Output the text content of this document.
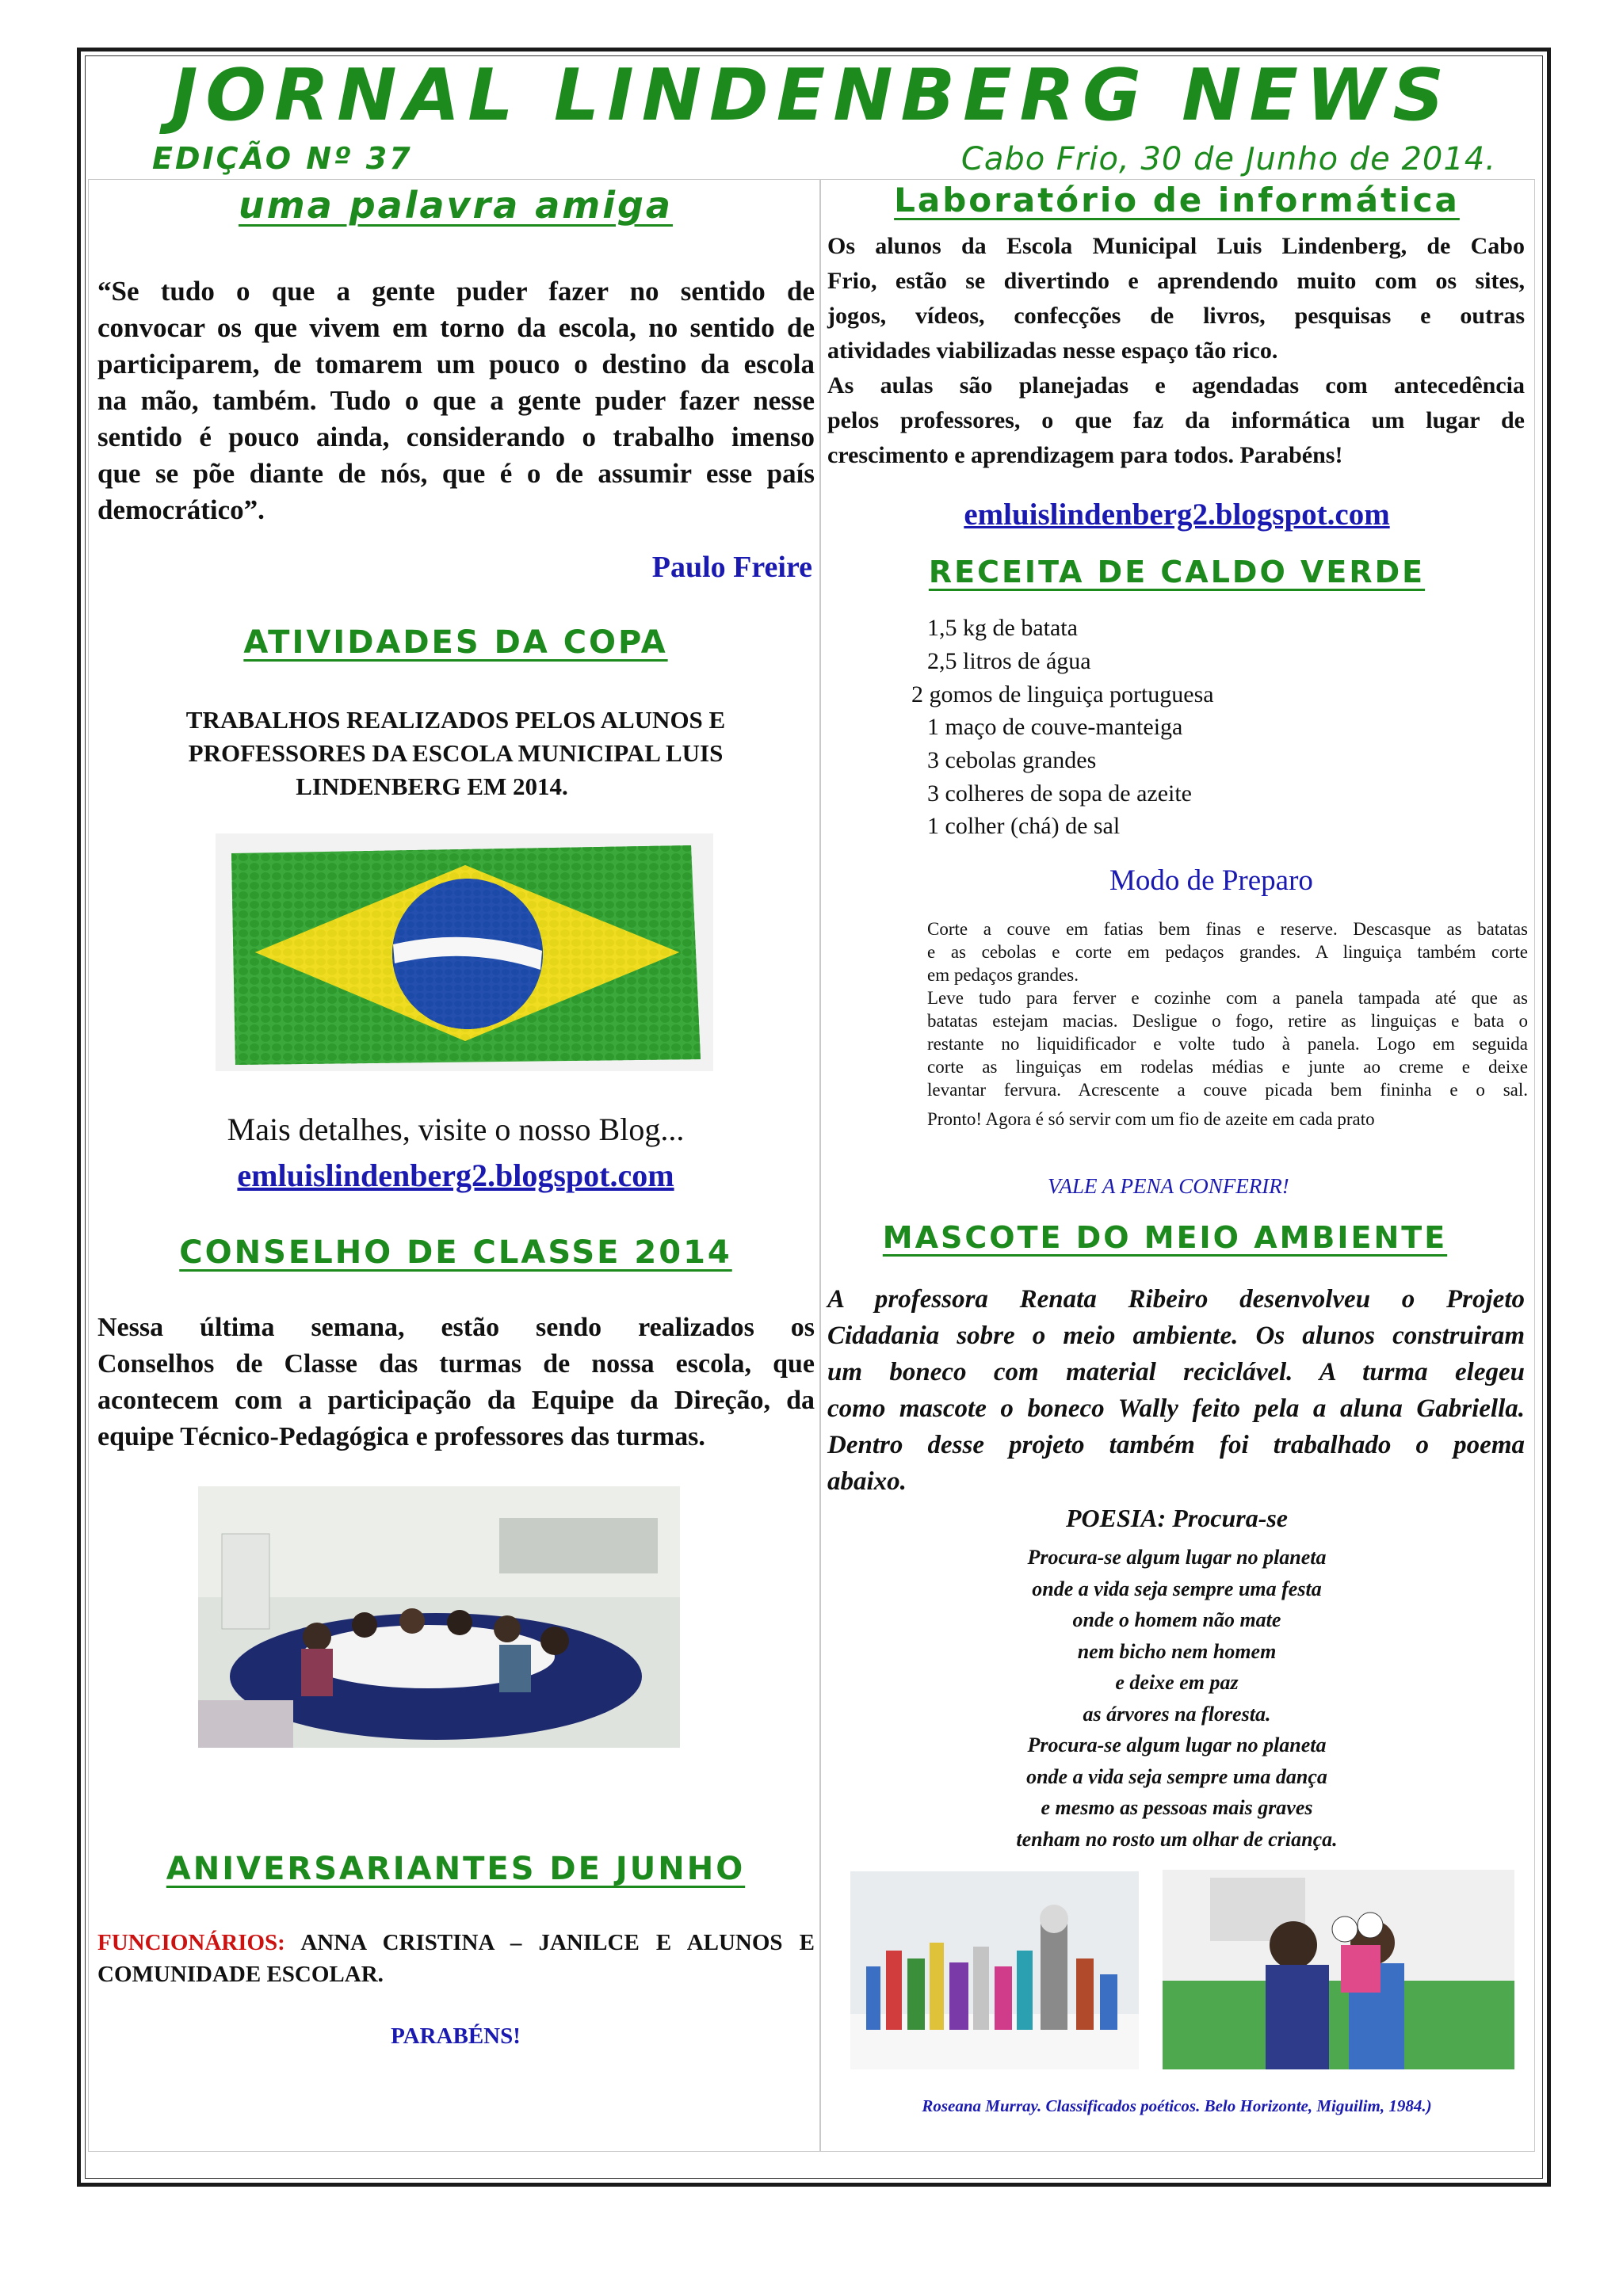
JORNAL LINDENBERG NEWS
EDIÇÃO Nº 37	Cabo Frio, 30 de Junho de 2014.
uma palavra amiga
“Se tudo o que a gente puder fazer no sentido de
convocar os que vivem em torno da escola, no sentido de
participarem, de tomarem um pouco o destino da escola
na mão, também. Tudo o que a gente puder fazer nesse
sentido é pouco ainda, considerando o trabalho imenso
que se põe diante de nós, que é o de assumir esse país
democrático”.
Paulo Freire
ATIVIDADES DA COPA
TRABALHOS REALIZADOS PELOS ALUNOS E
PROFESSORES DA ESCOLA MUNICIPAL LUIS
LINDENBERG EM 2014.
Mais detalhes, visite o nosso Blog...
emluislindenberg2.blogspot.com
CONSELHO DE CLASSE 2014
Nessa última semana, estão sendo realizados os
Conselhos de Classe das turmas de nossa escola, que
acontecem com a participação da Equipe da Direção, da
equipe Técnico-Pedagógica e professores das turmas.
ANIVERSARIANTES DE JUNHO
FUNCIONÁRIOS: ANNA CRISTINA – JANILCE E ALUNOS E
COMUNIDADE ESCOLAR.
PARABÉNS!
Laboratório de informática
Os alunos da Escola Municipal Luis Lindenberg, de Cabo
Frio, estão se divertindo e aprendendo muito com os sites,
jogos, vídeos, confecções de livros, pesquisas e outras
atividades viabilizadas nesse espaço tão rico.
As aulas são planejadas e agendadas com antecedência
pelos professores, o que faz da informática um lugar de
crescimento e aprendizagem para todos. Parabéns!
emluislindenberg2.blogspot.com
RECEITA DE CALDO VERDE
1,5 kg de batata
2,5 litros de água
2 gomos de linguiça portuguesa
1 maço de couve-manteiga
3 cebolas grandes
3 colheres de sopa de azeite
1 colher (chá) de sal
Modo de Preparo
Corte a couve em fatias bem finas e reserve. Descasque as batatas
e as cebolas e corte em pedaços grandes. A linguiça também corte
em pedaços grandes.
Leve tudo para ferver e cozinhe com a panela tampada até que as
batatas estejam macias. Desligue o fogo, retire as linguiças e bata o
restante no liquidificador e volte tudo à panela. Logo em seguida
corte as linguiças em rodelas médias e junte ao creme e deixe
levantar fervura. Acrescente a couve picada bem fininha e o sal.
Pronto! Agora é só servir com um fio de azeite em cada prato
VALE A PENA CONFERIR!
MASCOTE DO MEIO AMBIENTE
A professora Renata Ribeiro desenvolveu o Projeto
Cidadania sobre o meio ambiente. Os alunos construiram
um boneco com material reciclável. A turma elegeu
como mascote o boneco Wally feito pela a aluna Gabriella.
Dentro desse projeto também foi trabalhado o poema
abaixo.
POESIA: Procura-se
Procura-se algum lugar no planeta
onde a vida seja sempre uma festa
onde o homem não mate
nem bicho nem homem
e deixe em paz
as árvores na floresta.
Procura-se algum lugar no planeta
onde a vida seja sempre uma dança
e mesmo as pessoas mais graves
tenham no rosto um olhar de criança.
Roseana Murray. Classificados poéticos. Belo Horizonte, Miguilim, 1984.)
